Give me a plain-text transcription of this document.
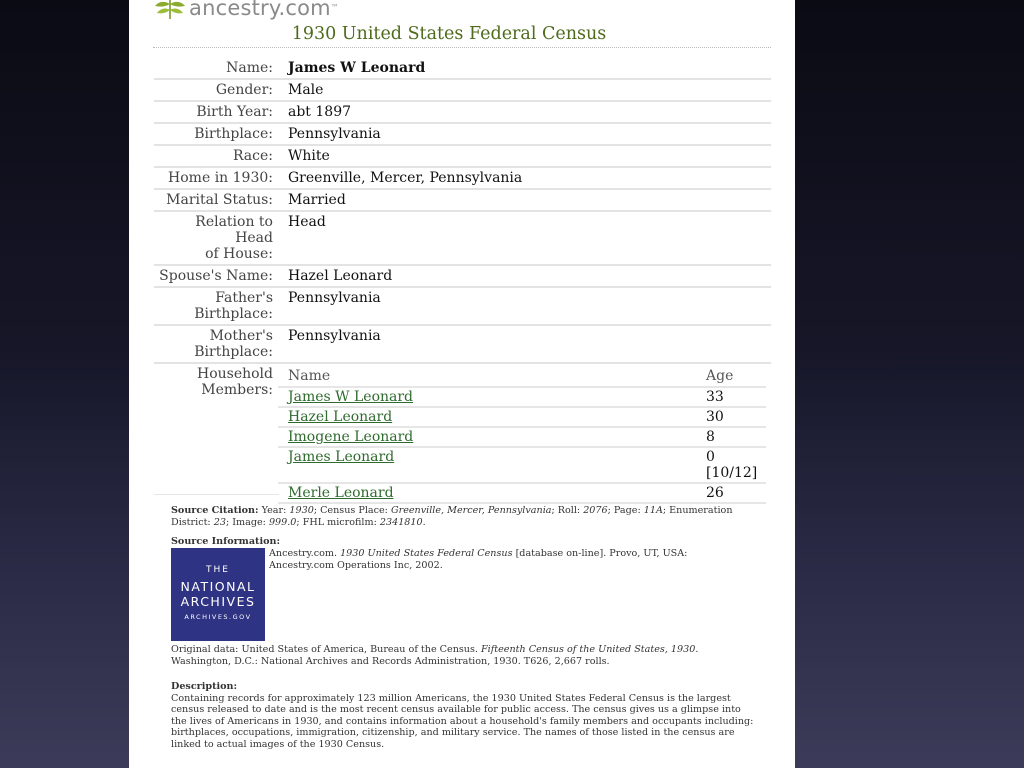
ancestry.com™
1930 United States Federal Census
Name:	James W Leonard
Gender:	Male
Birth Year:	abt 1897
Birthplace:	Pennsylvania
Race:	White
Home in 1930:	Greenville, Mercer, Pennsylvania
Marital Status:	Married
Relation to Head
of House:	Head
Spouse's Name:	Hazel Leonard
Father's
Birthplace:	Pennsylvania
Mother's
Birthplace:	Pennsylvania
Household
Members:	
Name	Age
James W Leonard	33
Hazel Leonard	30
Imogene Leonard	8
James Leonard	0
[10/12]
Merle Leonard	26
Source Citation: Year: 1930; Census Place: Greenville, Mercer, Pennsylvania; Roll: 2076; Page: 11A; Enumeration District: 23; Image: 999.0; FHL microfilm: 2341810.
Source Information:
THE
NATIONAL
ARCHIVES
ARCHIVES.GOV
Ancestry.com. 1930 United States Federal Census [database on-line]. Provo, UT, USA: Ancestry.com Operations Inc, 2002.
Original data: United States of America, Bureau of the Census. Fifteenth Census of the United States, 1930. Washington, D.C.: National Archives and Records Administration, 1930. T626, 2,667 rolls.
Description:
Containing records for approximately 123 million Americans, the 1930 United States Federal Census is the largest census released to date and is the most recent census available for public access. The census gives us a glimpse into the lives of Americans in 1930, and contains information about a household's family members and occupants including: birthplaces, occupations, immigration, citizenship, and military service. The names of those listed in the census are linked to actual images of the 1930 Census.
